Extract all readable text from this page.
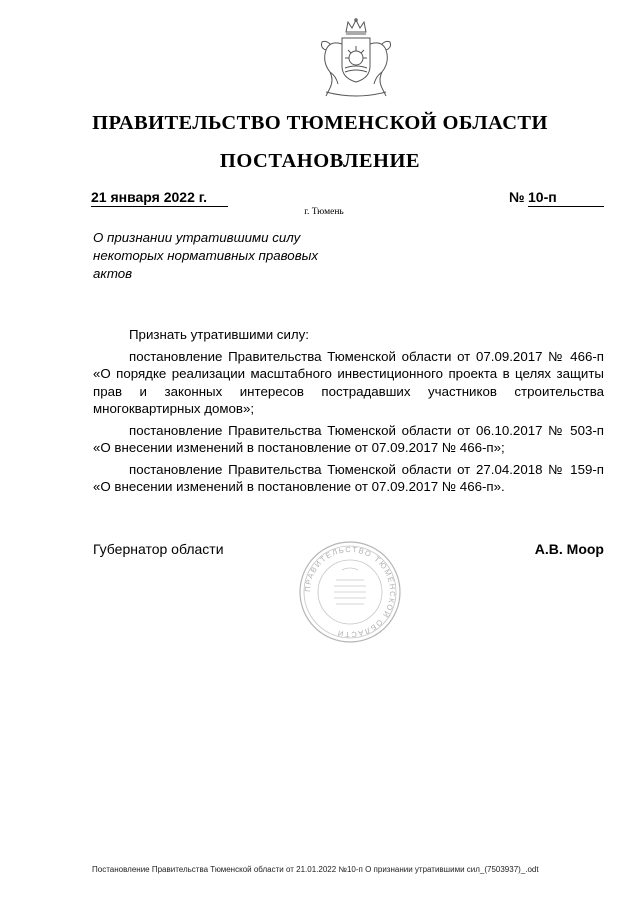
ПРАВИТЕЛЬСТВО ТЮМЕНСКОЙ ОБЛАСТИ
ПОСТАНОВЛЕНИЕ
21 января 2022 г.	№ 10-п
г. Тюмень
О признании утратившими силу
некоторых нормативных правовых
актов
Признать утратившими силу:

постановление Правительства Тюменской области от 07.09.2017 № 466-п «О порядке реализации масштабного инвестиционного проекта в целях защиты прав и законных интересов пострадавших участников строительства многоквартирных домов»;

постановление Правительства Тюменской области от 06.10.2017 № 503-п «О внесении изменений в постановление от 07.09.2017 № 466-п»;

постановление Правительства Тюменской области от 27.04.2018 № 159-п «О внесении изменений в постановление от 07.09.2017 № 466-п».

Губернатор области
ПРАВИТЕЛЬСТВО ТЮМЕНСКОЙ ОБЛАСТИ
А.В. Моор
Постановление Правительства Тюменской области от 21.01.2022 №10-п О признании утратившими сил_(7503937)_.odt
